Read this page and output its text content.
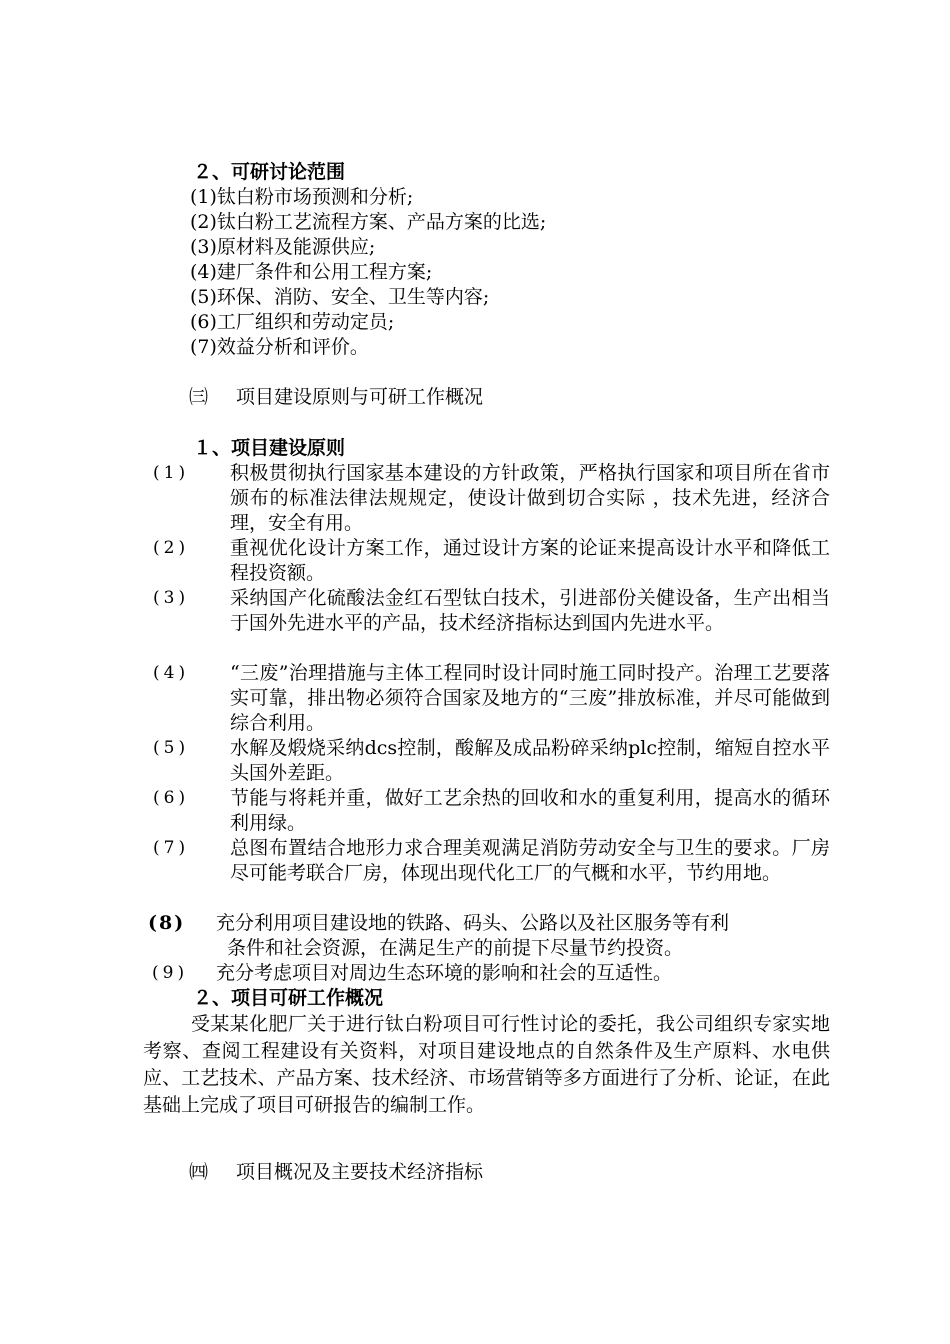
２、可研讨论范围
(1)钛白粉市场预测和分析;
(2)钛白粉工艺流程方案、产品方案的比选;
(3)原材料及能源供应;
(4)建厂条件和公用工程方案;
(5)环保、消防、安全、卫生等内容;
(6)工厂组织和劳动定员;
(7)效益分析和评价。
㈢ 项目建设原则与可研工作概况
１、项目建设原则
(1) 积极贯彻执行国家基本建设的方针政策，严格执行国家和项目所在省市颁布的标准法律法规规定，使设计做到切合实际 ，技术先进，经济合理，安全有用。
(2) 重视优化设计方案工作，通过设计方案的论证来提高设计水平和降低工程投资额。
(3) 采纳国产化硫酸法金红石型钛白技术，引进部份关健设备，生产出相当于国外先进水平的产品，技术经济指标达到国内先进水平。
(4) “三废”治理措施与主体工程同时设计同时施工同时投产。治理工艺要落实可靠，排出物必须符合国家及地方的“三废”排放标准，并尽可能做到综合利用。
(5) 水解及煅烧采纳dcs控制，酸解及成品粉碎采纳plc控制，缩短自控水平头国外差距。
(6) 节能与将耗并重，做好工艺余热的回收和水的重复利用，提高水的循环利用绿。
(7) 总图布置结合地形力求合理美观满足消防劳动安全与卫生的要求。厂房尽可能考联合厂房，体现出现代化工厂的气概和水平，节约用地。
(8) 充分利用项目建设地的铁路、码头、公路以及社区服务等有利
条件和社会资源，在满足生产的前提下尽量节约投资。
(9) 充分考虑项目对周边生态环境的影响和社会的互适性。
２、项目可研工作概况
受某某化肥厂关于进行钛白粉项目可行性讨论的委托，我公司组织专家实地考察、查阅工程建设有关资料，对项目建设地点的自然条件及生产原料、水电供应、工艺技术、产品方案、技术经济、市场营销等多方面进行了分析、论证，在此基础上完成了项目可研报告的编制工作。
㈣ 项目概况及主要技术经济指标
